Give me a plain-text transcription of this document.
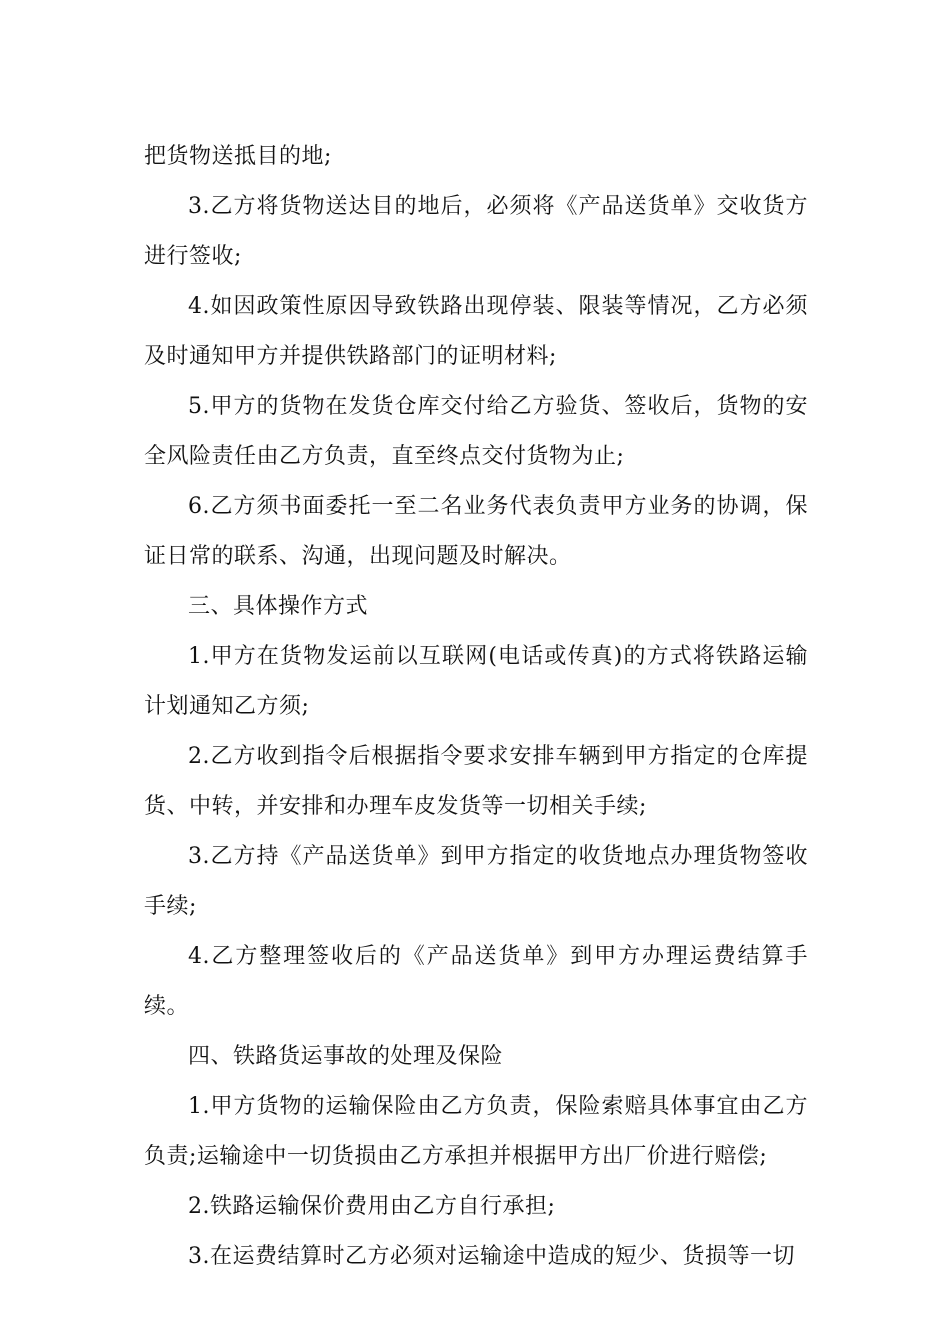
把货物送抵目的地;

3.乙方将货物送达目的地后，必须将《产品送货单》交收货方进行签收;

4.如因政策性原因导致铁路出现停装、限装等情况，乙方必须及时通知甲方并提供铁路部门的证明材料;

5.甲方的货物在发货仓库交付给乙方验货、签收后，货物的安全风险责任由乙方负责，直至终点交付货物为止;

6.乙方须书面委托一至二名业务代表负责甲方业务的协调，保证日常的联系、沟通，出现问题及时解决。

三、具体操作方式

1.甲方在货物发运前以互联网(电话或传真)的方式将铁路运输计划通知乙方须;

2.乙方收到指令后根据指令要求安排车辆到甲方指定的仓库提货、中转，并安排和办理车皮发货等一切相关手续;

3.乙方持《产品送货单》到甲方指定的收货地点办理货物签收手续;

4.乙方整理签收后的《产品送货单》到甲方办理运费结算手续。

四、铁路货运事故的处理及保险

1.甲方货物的运输保险由乙方负责，保险索赔具体事宜由乙方负责;运输途中一切货损由乙方承担并根据甲方出厂价进行赔偿;

2.铁路运输保价费用由乙方自行承担;

3.在运费结算时乙方必须对运输途中造成的短少、货损等一切
